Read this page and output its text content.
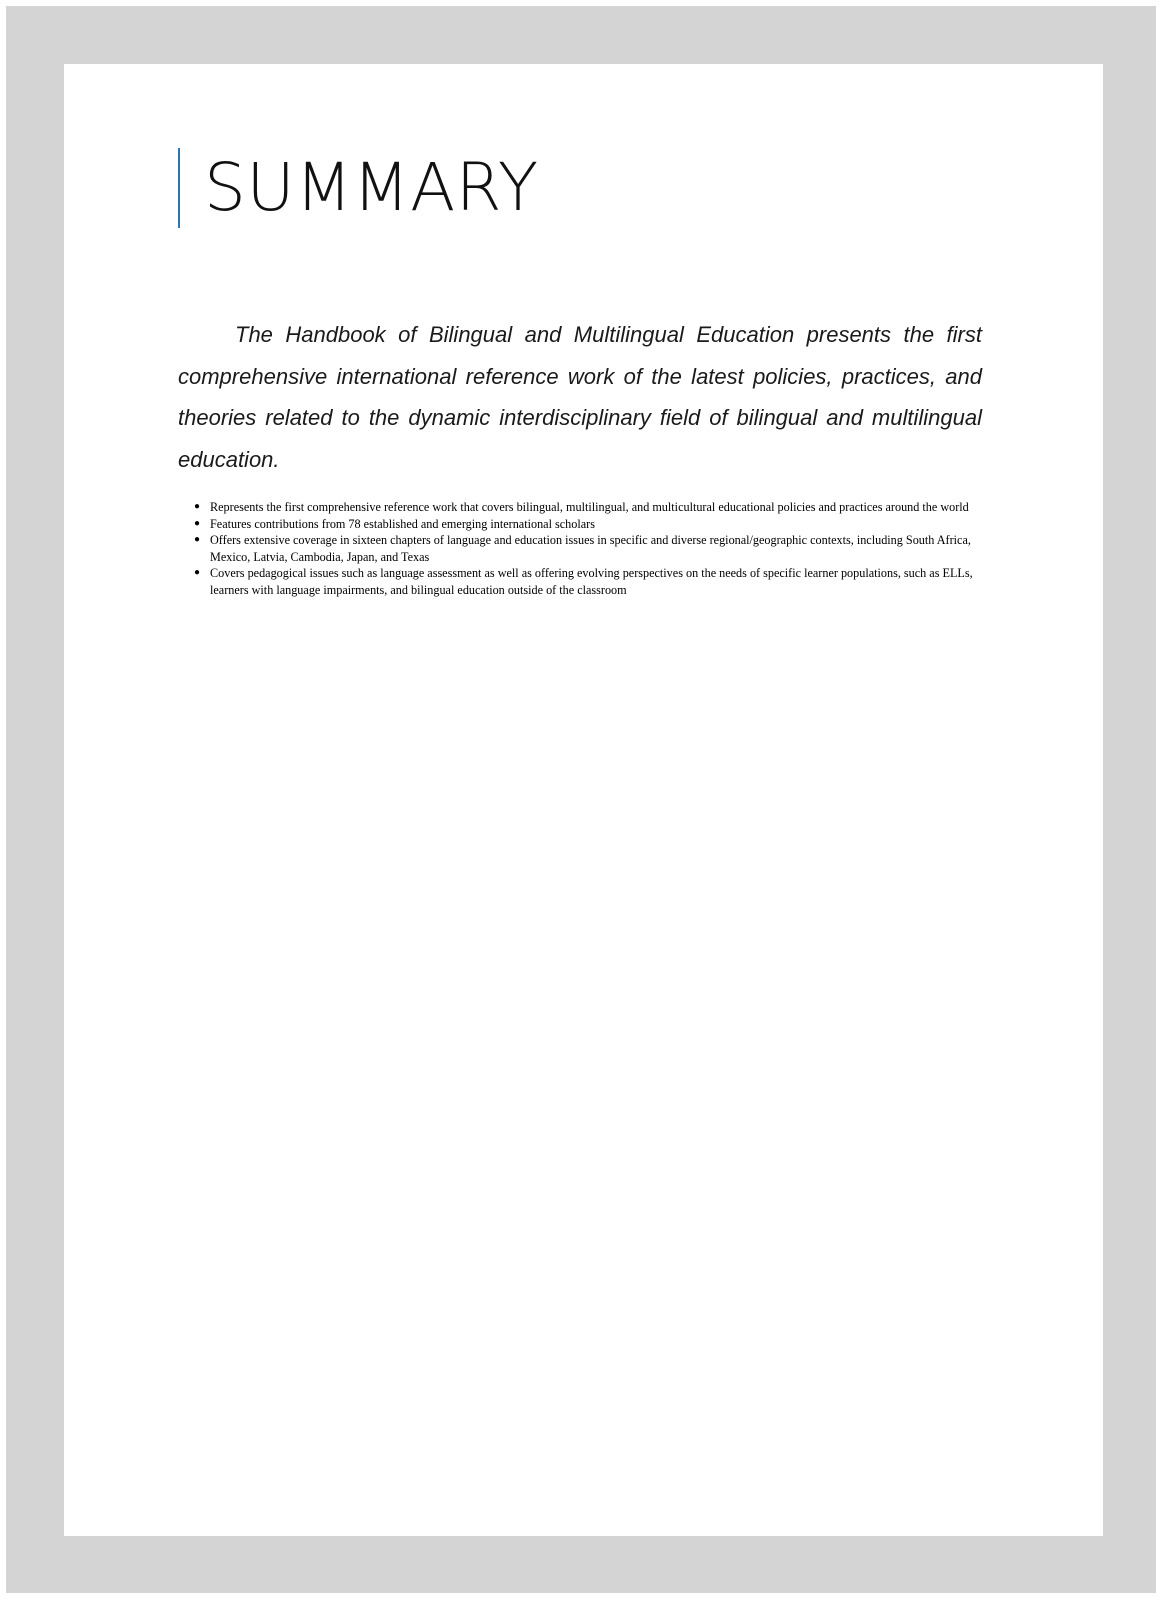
SUMMARY

The Handbook of Bilingual and Multilingual Education presents the first comprehensive international reference work of the latest policies, practices, and theories related to the dynamic interdisciplinary field of bilingual and multilingual education.

● Represents the first comprehensive reference work that covers bilingual, multilingual, and multicultural educational policies and practices around the world
● Features contributions from 78 established and emerging international scholars
● Offers extensive coverage in sixteen chapters of language and education issues in specific and diverse regional/geographic contexts, including South Africa, Mexico, Latvia, Cambodia, Japan, and Texas
● Covers pedagogical issues such as language assessment as well as offering evolving perspectives on the needs of specific learner populations, such as ELLs, learners with language impairments, and bilingual education outside of the classroom
